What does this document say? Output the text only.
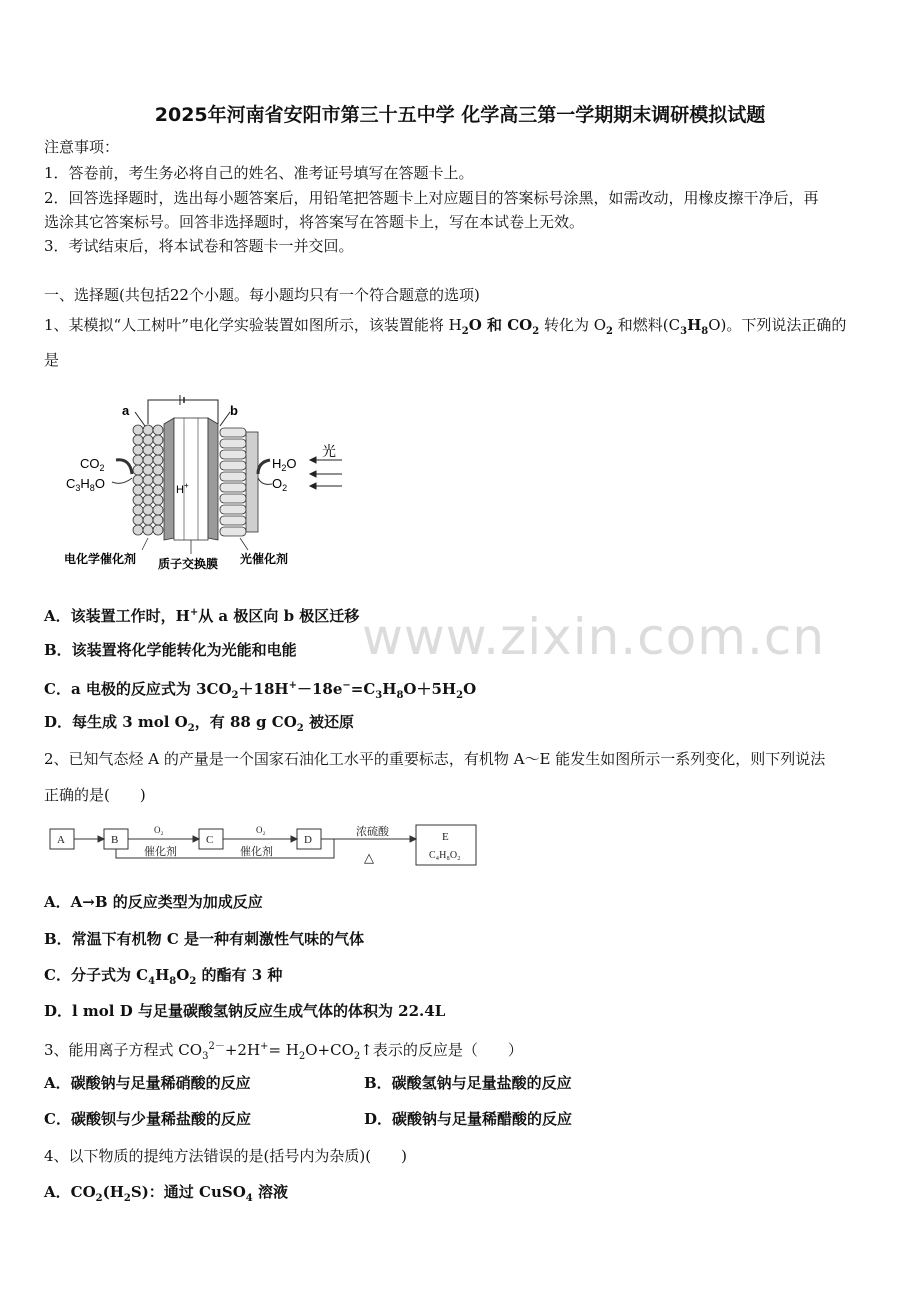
2025年河南省安阳市第三十五中学 化学高三第一学期期末调研模拟试题
注意事项：
1．答卷前，考生务必将自己的姓名、准考证号填写在答题卡上。
2．回答选择题时，选出每小题答案后，用铅笔把答题卡上对应题目的答案标号涂黑，如需改动，用橡皮擦干净后，再
选涂其它答案标号。回答非选择题时，将答案写在答题卡上，写在本试卷上无效。
3．考试结束后，将本试卷和答题卡一并交回。
一、选择题(共包括22个小题。每小题均只有一个符合题意的选项)
1、某模拟“人工树叶”电化学实验装置如图所示，该装置能将 $H_2O$ 和 $CO_2$ 转化为 $O_2$ 和燃料$(C_3H_8O)$。下列说法正确的
是
a	b
H+
$CO_2$
$C_3H_8O$
$H_2O$
$O_2$
光
电化学催化剂 质子交换膜 光催化剂
www.zixin.com.cn
A．该装置工作时，H+从 a 极区向 b 极区迁移
B．该装置将化学能转化为光能和电能
C．a 电极的反应式为 $3CO_2+18H^+-18e^-=C_3H_8O+5H_2O$
D．每生成 3 mol $O_2$，有 88 g $CO_2$ 被还原
2、已知气态烃 A 的产量是一个国家石油化工水平的重要标志，有机物 A～E 能发生如图所示一系列变化，则下列说法
正确的是(　　)
A	B	C	D	E
C₄H₈O₂
O₂	O₂
催化剂	催化剂
浓硫酸
△
A．A→B 的反应类型为加成反应
B．常温下有机物 C 是一种有刺激性气味的气体
C．分子式为 $C_4H_8O_2$ 的酯有 3 种
D．l mol D 与足量碳酸氢钠反应生成气体的体积为 22.4L
3、能用离子方程式 $CO_3^{2-}+2H^+=$ $H_2O+CO_2↑$表示的反应是（　　）
A．碳酸钠与足量稀硝酸的反应	B．碳酸氢钠与足量盐酸的反应
C．碳酸钡与少量稀盐酸的反应	D．碳酸钠与足量稀醋酸的反应
4、以下物质的提纯方法错误的是(括号内为杂质)(　　)
A．$CO_2(H_2S)$：通过 CuSO$_4$ 溶液
